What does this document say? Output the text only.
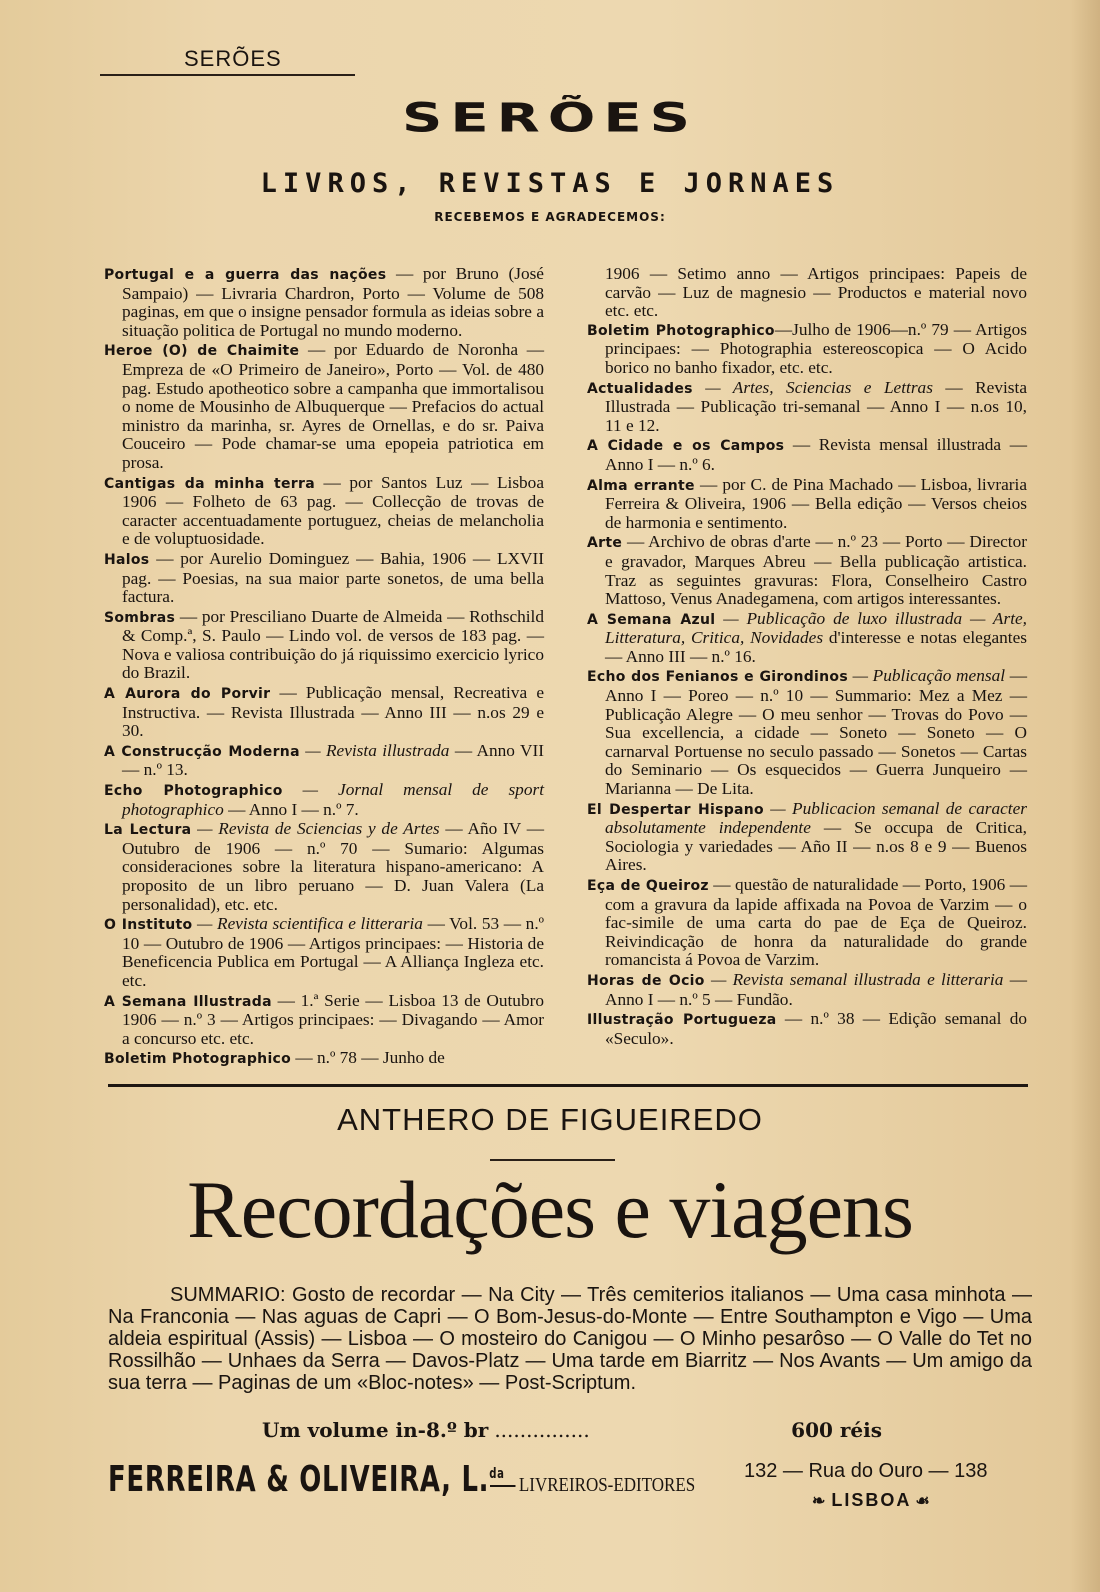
SERÕES
SERÕES
LIVROS, REVISTAS E JORNAES
RECEBEMOS E AGRADECEMOS:
Portugal e a guerra das nações — por Bruno (José Sampaio) — Livraria Chardron, Porto — Volume de 508 paginas, em que o insigne pensador formula as ideias sobre a situação politica de Portugal no mundo moderno.
Heroe (O) de Chaimite — por Eduardo de Noronha — Empreza de «O Primeiro de Janeiro», Porto — Vol. de 480 pag. Estudo apotheotico sobre a campanha que immortalisou o nome de Mousinho de Albuquerque — Prefacios do actual ministro da marinha, sr. Ayres de Ornellas, e do sr. Paiva Couceiro — Pode chamar-se uma epopeia patriotica em prosa.
Cantigas da minha terra — por Santos Luz — Lisboa 1906 — Folheto de 63 pag. — Collecção de trovas de caracter accentuadamente portuguez, cheias de melancholia e de voluptuosidade.
Halos — por Aurelio Dominguez — Bahia, 1906 — LXVII pag. — Poesias, na sua maior parte sonetos, de uma bella factura.
Sombras — por Presciliano Duarte de Almeida — Rothschild & Comp.ª, S. Paulo — Lindo vol. de versos de 183 pag. — Nova e valiosa contribuição do já riquissimo exercicio lyrico do Brazil.
A Aurora do Porvir — Publicação mensal, Recreativa e Instructiva. — Revista Illustrada — Anno III — n.os 29 e 30.
A Construcção Moderna — Revista illustrada — Anno VII — n.º 13.
Echo Photographico — Jornal mensal de sport photographico — Anno I — n.º 7.
La Lectura — Revista de Sciencias y de Artes — Año IV — Outubro de 1906 — n.º 70 — Sumario: Algumas consideraciones sobre la literatura hispano-americano: A proposito de un libro peruano — D. Juan Valera (La personalidad), etc. etc.
O Instituto — Revista scientifica e litteraria — Vol. 53 — n.º 10 — Outubro de 1906 — Artigos principaes: — Historia de Beneficencia Publica em Portugal — A Alliança Ingleza etc. etc.
A Semana Illustrada — 1.ª Serie — Lisboa 13 de Outubro 1906 — n.º 3 — Artigos principaes: — Divagando — Amor a concurso etc. etc.
Boletim Photographico — n.º 78 — Junho de
1906 — Setimo anno — Artigos principaes: Papeis de carvão — Luz de magnesio — Productos e material novo etc. etc.
Boletim Photographico—Julho de 1906—n.º 79 — Artigos principaes: — Photographia estereoscopica — O Acido borico no banho fixador, etc. etc.
Actualidades — Artes, Sciencias e Lettras — Revista Illustrada — Publicação tri-semanal — Anno I — n.os 10, 11 e 12.
A Cidade e os Campos — Revista mensal illustrada — Anno I — n.º 6.
Alma errante — por C. de Pina Machado — Lisboa, livraria Ferreira & Oliveira, 1906 — Bella edição — Versos cheios de harmonia e sentimento.
Arte — Archivo de obras d'arte — n.º 23 — Porto — Director e gravador, Marques Abreu — Bella publicação artistica. Traz as seguintes gravuras: Flora, Conselheiro Castro Mattoso, Venus Anadegamena, com artigos interessantes.
A Semana Azul — Publicação de luxo illustrada — Arte, Litteratura, Critica, Novidades d'interesse e notas elegantes — Anno III — n.º 16.
Echo dos Fenianos e Girondinos — Publicação mensal — Anno I — Poreo — n.º 10 — Summario: Mez a Mez — Publicação Alegre — O meu senhor — Trovas do Povo — Sua excellencia, a cidade — Soneto — Soneto — O carnarval Portuense no seculo passado — Sonetos — Cartas do Seminario — Os esquecidos — Guerra Junqueiro — Marianna — De Lita.
El Despertar Hispano — Publicacion semanal de caracter absolutamente independente — Se occupa de Critica, Sociologia y variedades — Año II — n.os 8 e 9 — Buenos Aires.
Eça de Queiroz — questão de naturalidade — Porto, 1906 — com a gravura da lapide affixada na Povoa de Varzim — o fac-simile de uma carta do pae de Eça de Queiroz. Reivindicação de honra da naturalidade do grande romancista á Povoa de Varzim.
Horas de Ocio — Revista semanal illustrada e litteraria — Anno I — n.º 5 — Fundão.
Illustração Portugueza — n.º 38 — Edição semanal do «Seculo».
ANTHERO DE FIGUEIREDO
Recordações e viagens
SUMMARIO: Gosto de recordar — Na City — Três cemiterios italianos — Uma casa minhota — Na Franconia — Nas aguas de Capri — O Bom-Jesus-do-Monte — Entre Southampton e Vigo — Uma aldeia espiritual (Assis) — Lisboa — O mosteiro do Canigou — O Minho pesarôso — O Valle do Tet no Rossilhão — Unhaes da Serra — Davos-Platz — Uma tarde em Biarritz — Nos Avants — Um amigo da sua terra — Paginas de um «Bloc-notes» — Post-Scriptum.
Um volume in-8.º br ...............	600 réis
FERREIRA & OLIVEIRA, L.$^{da}$ LIVREIROS-EDITORES
132 — Rua do Ouro — 138
❧ LISBOA ☙
